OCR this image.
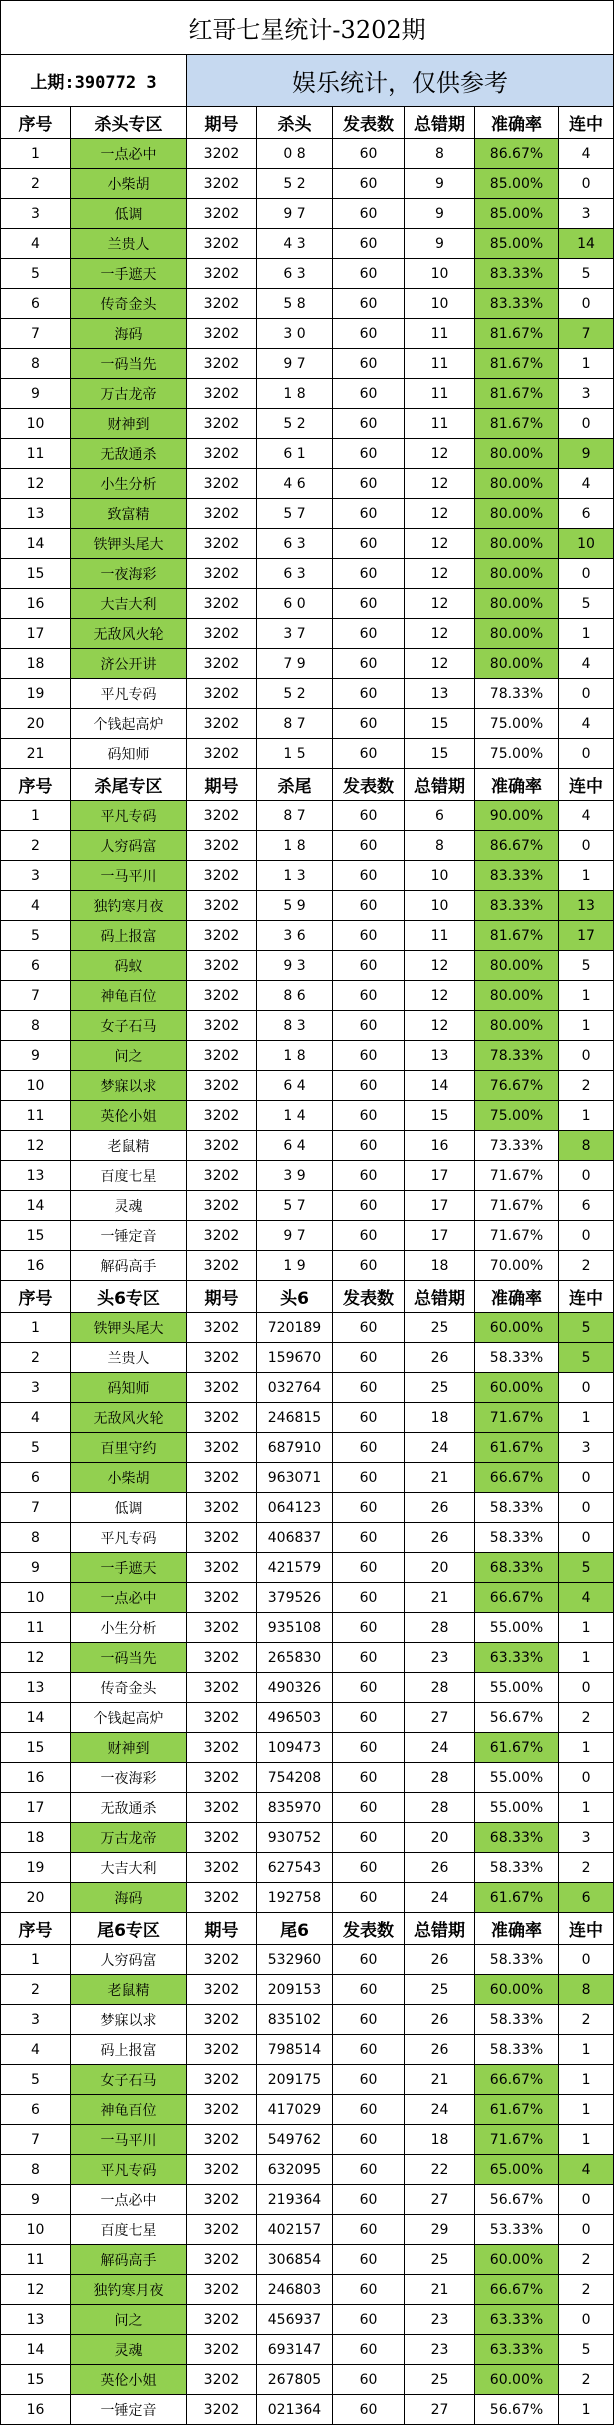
红哥七星统计-3202期							
上期:390772 3		娱乐统计，仅供参考					
序号	杀头专区	期号	杀头	发表数	总错期	准确率	连中
1	一点必中	3202	0 8	60	8	86.67%	4
2	小柴胡	3202	5 2	60	9	85.00%	0
3	低调	3202	9 7	60	9	85.00%	3
4	兰贵人	3202	4 3	60	9	85.00%	14
5	一手遮天	3202	6 3	60	10	83.33%	5
6	传奇金头	3202	5 8	60	10	83.33%	0
7	海码	3202	3 0	60	11	81.67%	7
8	一码当先	3202	9 7	60	11	81.67%	1
9	万古龙帝	3202	1 8	60	11	81.67%	3
10	财神到	3202	5 2	60	11	81.67%	0
11	无敌通杀	3202	6 1	60	12	80.00%	9
12	小生分析	3202	4 6	60	12	80.00%	4
13	致富精	3202	5 7	60	12	80.00%	6
14	铁钾头尾大	3202	6 3	60	12	80.00%	10
15	一夜海彩	3202	6 3	60	12	80.00%	0
16	大吉大利	3202	6 0	60	12	80.00%	5
17	无敌风火轮	3202	3 7	60	12	80.00%	1
18	济公开讲	3202	7 9	60	12	80.00%	4
19	平凡专码	3202	5 2	60	13	78.33%	0
20	个钱起高炉	3202	8 7	60	15	75.00%	4
21	码知师	3202	1 5	60	15	75.00%	0
序号	杀尾专区	期号	杀尾	发表数	总错期	准确率	连中
1	平凡专码	3202	8 7	60	6	90.00%	4
2	人穷码富	3202	1 8	60	8	86.67%	0
3	一马平川	3202	1 3	60	10	83.33%	1
4	独钓寒月夜	3202	5 9	60	10	83.33%	13
5	码上报富	3202	3 6	60	11	81.67%	17
6	码蚁	3202	9 3	60	12	80.00%	5
7	神龟百位	3202	8 6	60	12	80.00%	1
8	女子石马	3202	8 3	60	12	80.00%	1
9	问之	3202	1 8	60	13	78.33%	0
10	梦寐以求	3202	6 4	60	14	76.67%	2
11	英伦小姐	3202	1 4	60	15	75.00%	1
12	老鼠精	3202	6 4	60	16	73.33%	8
13	百度七星	3202	3 9	60	17	71.67%	0
14	灵魂	3202	5 7	60	17	71.67%	6
15	一锤定音	3202	9 7	60	17	71.67%	0
16	解码高手	3202	1 9	60	18	70.00%	2
序号	头6专区	期号	头6	发表数	总错期	准确率	连中
1	铁钾头尾大	3202	720189	60	25	60.00%	5
2	兰贵人	3202	159670	60	26	58.33%	5
3	码知师	3202	032764	60	25	60.00%	0
4	无敌风火轮	3202	246815	60	18	71.67%	1
5	百里守约	3202	687910	60	24	61.67%	3
6	小柴胡	3202	963071	60	21	66.67%	0
7	低调	3202	064123	60	26	58.33%	0
8	平凡专码	3202	406837	60	26	58.33%	0
9	一手遮天	3202	421579	60	20	68.33%	5
10	一点必中	3202	379526	60	21	66.67%	4
11	小生分析	3202	935108	60	28	55.00%	1
12	一码当先	3202	265830	60	23	63.33%	1
13	传奇金头	3202	490326	60	28	55.00%	0
14	个钱起高炉	3202	496503	60	27	56.67%	2
15	财神到	3202	109473	60	24	61.67%	1
16	一夜海彩	3202	754208	60	28	55.00%	0
17	无敌通杀	3202	835970	60	28	55.00%	1
18	万古龙帝	3202	930752	60	20	68.33%	3
19	大吉大利	3202	627543	60	26	58.33%	2
20	海码	3202	192758	60	24	61.67%	6
序号	尾6专区	期号	尾6	发表数	总错期	准确率	连中
1	人穷码富	3202	532960	60	26	58.33%	0
2	老鼠精	3202	209153	60	25	60.00%	8
3	梦寐以求	3202	835102	60	26	58.33%	2
4	码上报富	3202	798514	60	26	58.33%	1
5	女子石马	3202	209175	60	21	66.67%	1
6	神龟百位	3202	417029	60	24	61.67%	1
7	一马平川	3202	549762	60	18	71.67%	1
8	平凡专码	3202	632095	60	22	65.00%	4
9	一点必中	3202	219364	60	27	56.67%	0
10	百度七星	3202	402157	60	29	53.33%	0
11	解码高手	3202	306854	60	25	60.00%	2
12	独钓寒月夜	3202	246803	60	21	66.67%	2
13	问之	3202	456937	60	23	63.33%	0
14	灵魂	3202	693147	60	23	63.33%	5
15	英伦小姐	3202	267805	60	25	60.00%	2
16	一锤定音	3202	021364	60	27	56.67%	1
